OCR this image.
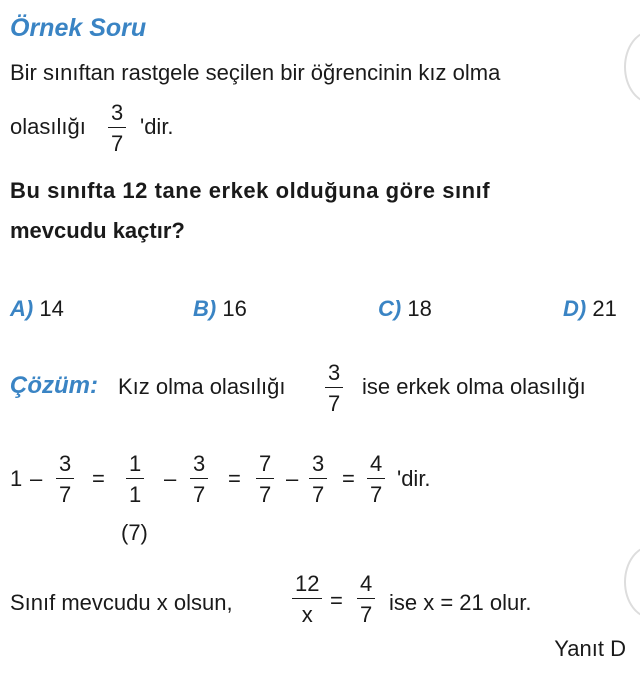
Örnek Soru
Bir sınıftan rastgele seçilen bir öğrencinin kız olma
olasılığı
3
7
'dir.
Bu sınıfta 12 tane erkek olduğuna göre sınıf
mevcudu kaçtır?
A) 14	B) 16	C) 18	D) 21
Çözüm: Kız olma olasılığı
3
7
ise erkek olma olasılığı
1 –
3
7
=
1
1
(7)
–
3
7
=
7
7
–
3
7
=
4
7
'dir.
Sınıf mevcudu x olsun,
12
x
=
4
7 ise x = 21 olur.
Yanıt D
